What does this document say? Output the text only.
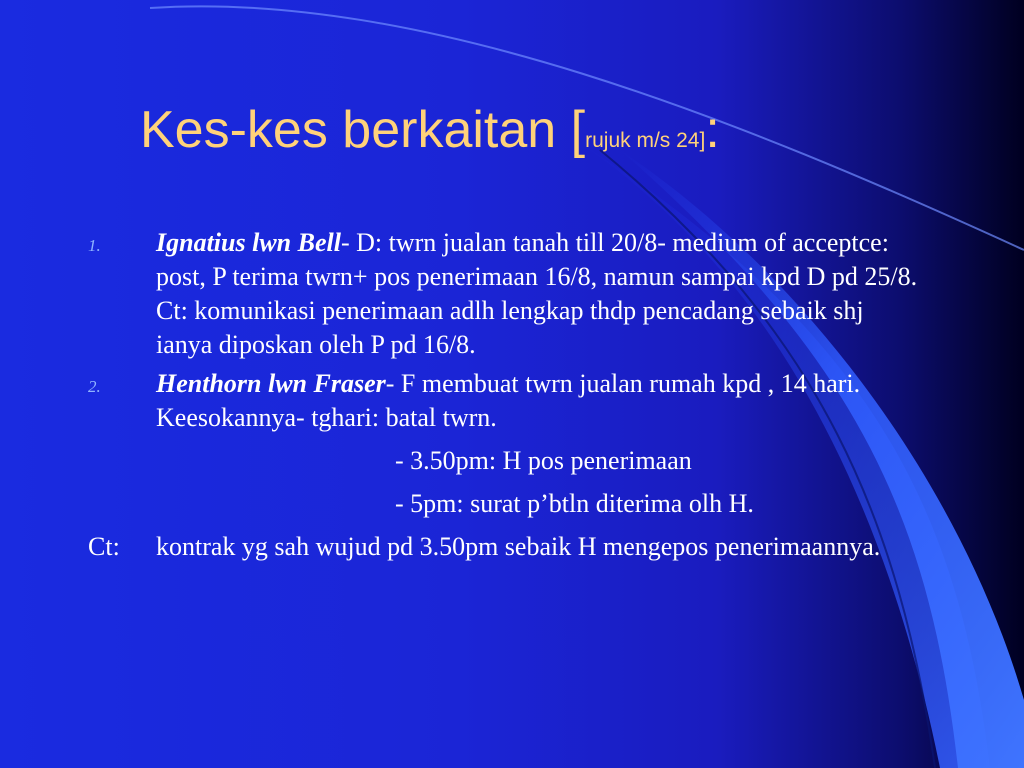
Kes-kes berkaitan [rujuk m/s 24]:
1.	Ignatius lwn Bell- D: twrn jualan tanah till 20/8- medium of acceptce: post, P terima twrn+ pos penerimaan 16/8, namun sampai kpd D pd 25/8. Ct: komunikasi penerimaan adlh lengkap thdp pencadang sebaik shj ianya diposkan oleh P pd 16/8.
2.	Henthorn lwn Fraser- F membuat twrn jualan rumah kpd , 14 hari. Keesokannya- tghari: batal twrn.
- 3.50pm: H pos penerimaan
- 5pm: surat p’btln diterima olh H.
Ct:	kontrak yg sah wujud pd 3.50pm sebaik H mengepos penerimaannya.
